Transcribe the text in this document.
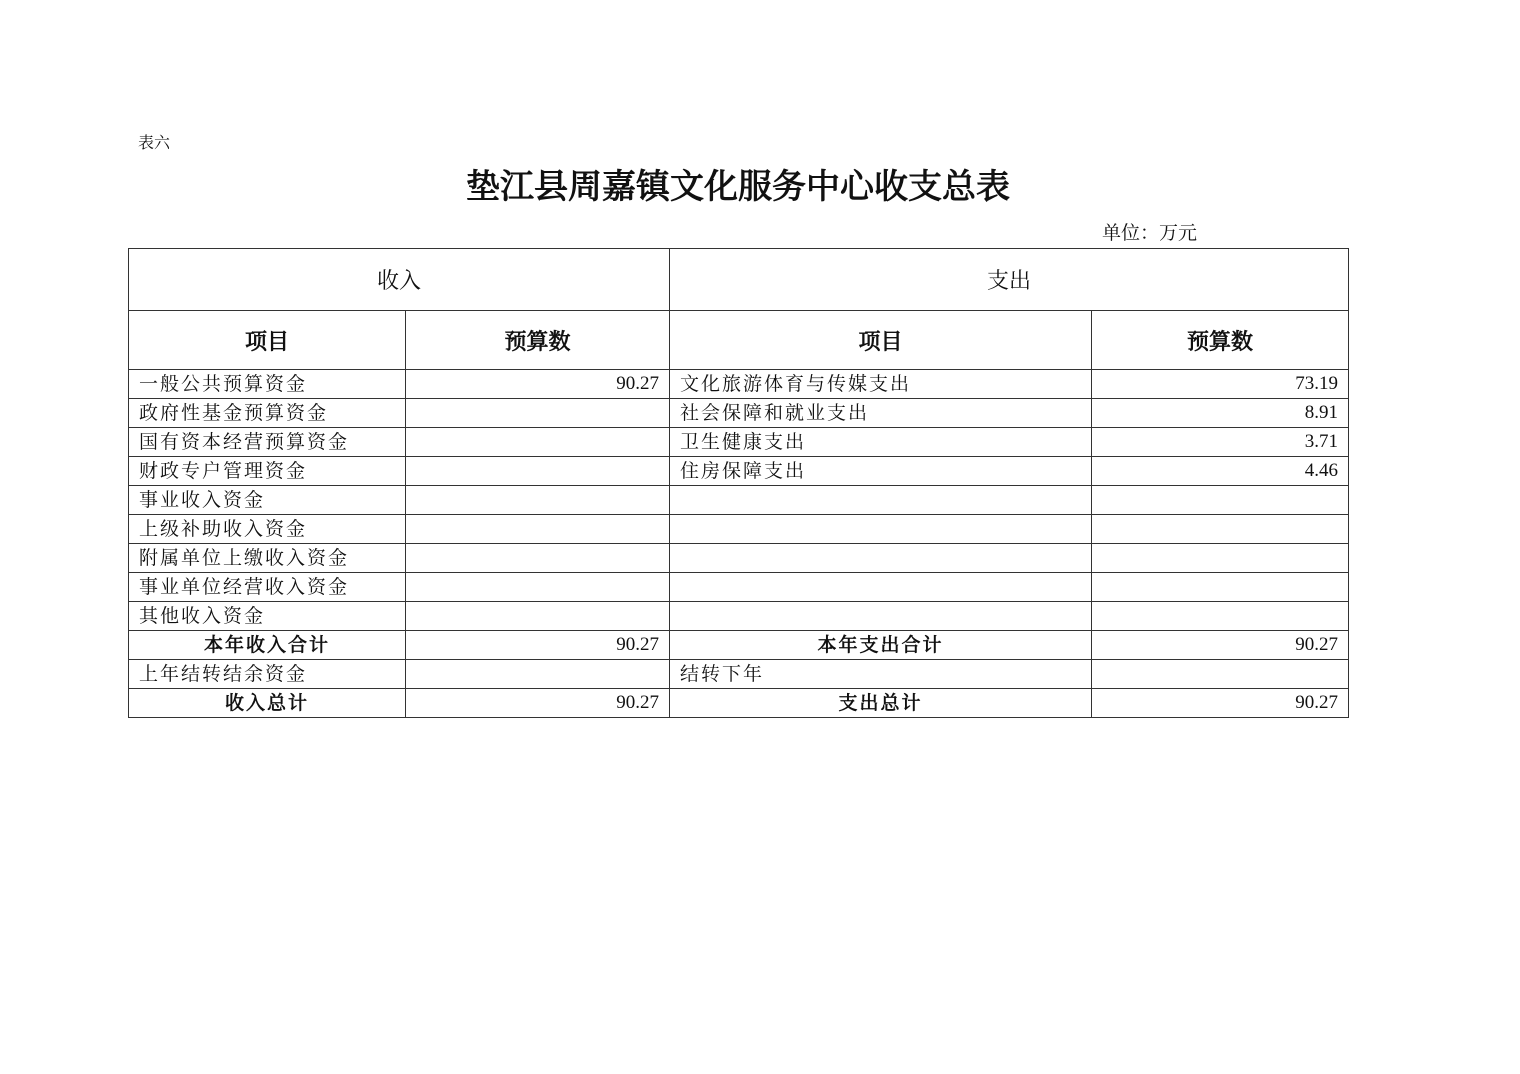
表六
垫江县周嘉镇文化服务中心收支总表
单位：万元
收入		支出	
项目	预算数	项目	预算数
一般公共预算资金	90.27	文化旅游体育与传媒支出	73.19
政府性基金预算资金		社会保障和就业支出	8.91
国有资本经营预算资金		卫生健康支出	3.71
财政专户管理资金		住房保障支出	4.46
事业收入资金			
上级补助收入资金			
附属单位上缴收入资金			
事业单位经营收入资金			
其他收入资金			
本年收入合计	90.27	本年支出合计	90.27
上年结转结余资金		结转下年	
收入总计	90.27	支出总计	90.27
